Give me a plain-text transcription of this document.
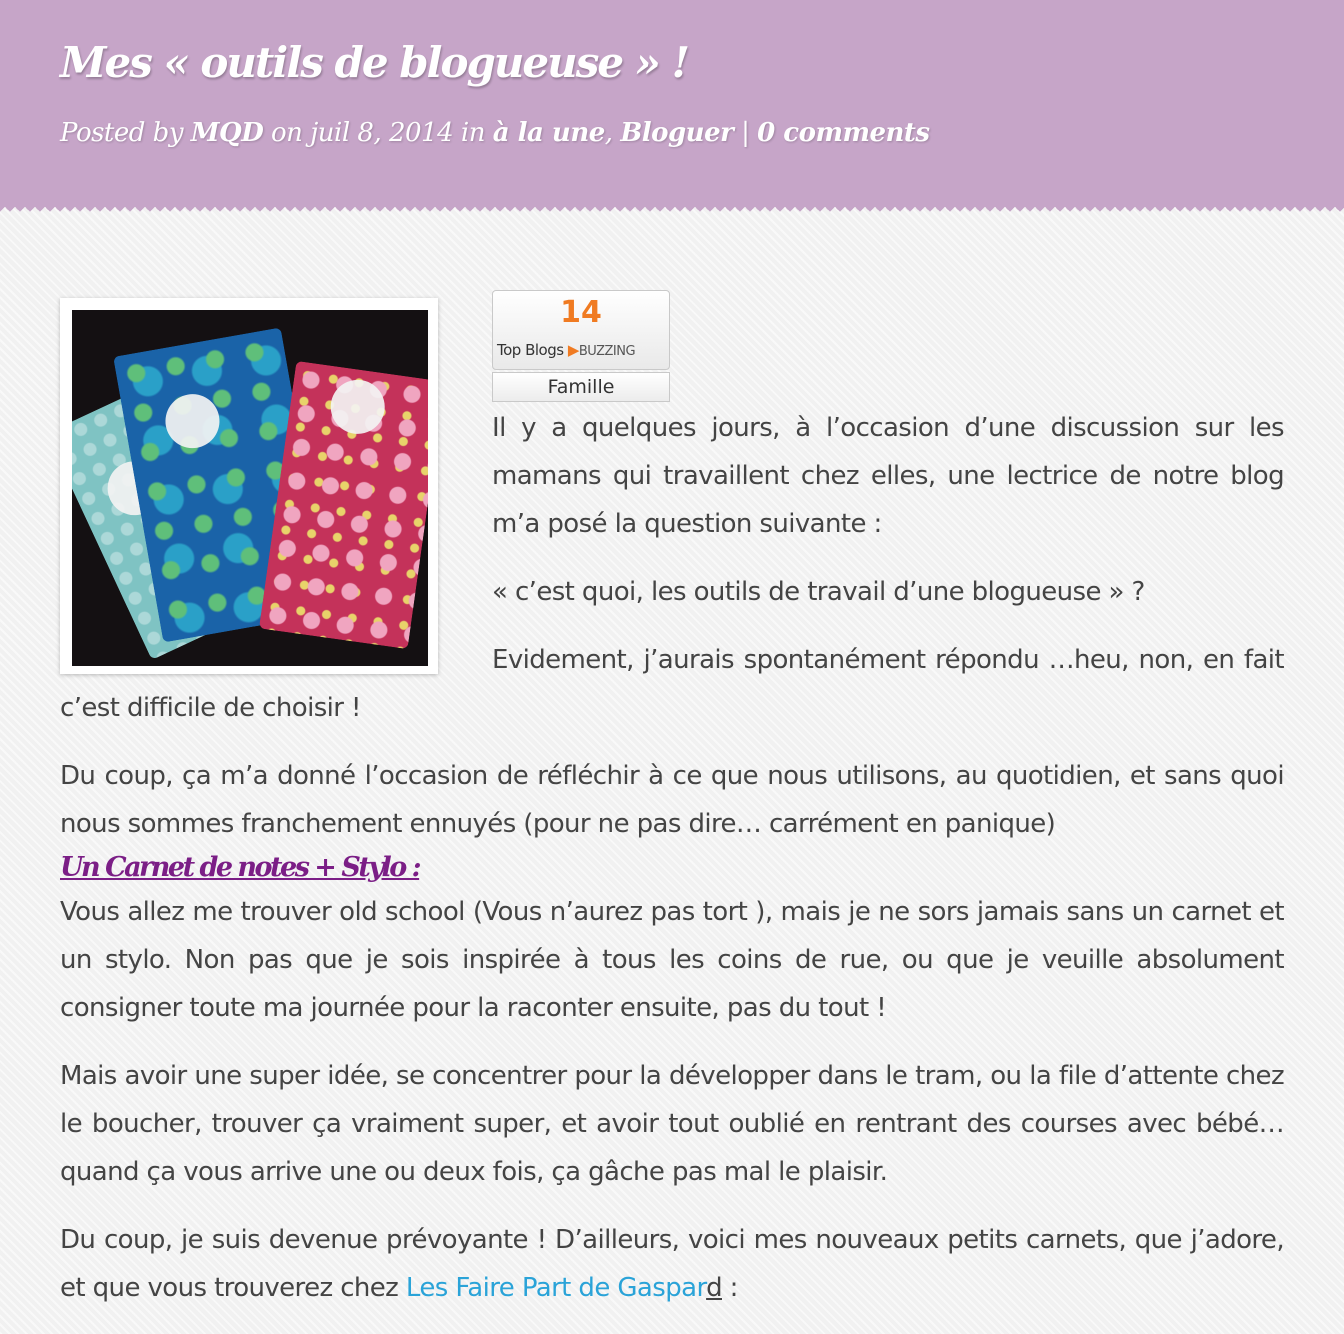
Mes « outils de blogueuse » !
Posted by MQD on juil 8, 2014 in à la une, Bloguer | 0 comments
14
Top Blogs ▶BUZZING
Famille

Il y a quelques jours, à l’occasion d’une discussion sur les mamans qui travaillent chez elles, une lectrice de notre blog m’a posé la question suivante :

« c’est quoi, les outils de travail d’une blogueuse » ?

Evidement, j’aurais spontanément répondu …heu, non, en fait c’est difficile de choisir !

Du coup, ça m’a donné l’occasion de réfléchir à ce que nous utilisons, au quotidien, et sans quoi nous sommes franchement ennuyés (pour ne pas dire… carrément en panique)

Un Carnet de notes + Stylo :

Vous allez me trouver old school (Vous n’aurez pas tort ), mais je ne sors jamais sans un carnet et un stylo. Non pas que je sois inspirée à tous les coins de rue, ou que je veuille absolument consigner toute ma journée pour la raconter ensuite, pas du tout !

Mais avoir une super idée, se concentrer pour la développer dans le tram, ou la file d’attente chez le boucher, trouver ça vraiment super, et avoir tout oublié en rentrant des courses avec bébé… quand ça vous arrive une ou deux fois, ça gâche pas mal le plaisir.

Du coup, je suis devenue prévoyante ! D’ailleurs, voici mes nouveaux petits carnets, que j’adore, et que vous trouverez chez Les Faire Part de Gaspard :
